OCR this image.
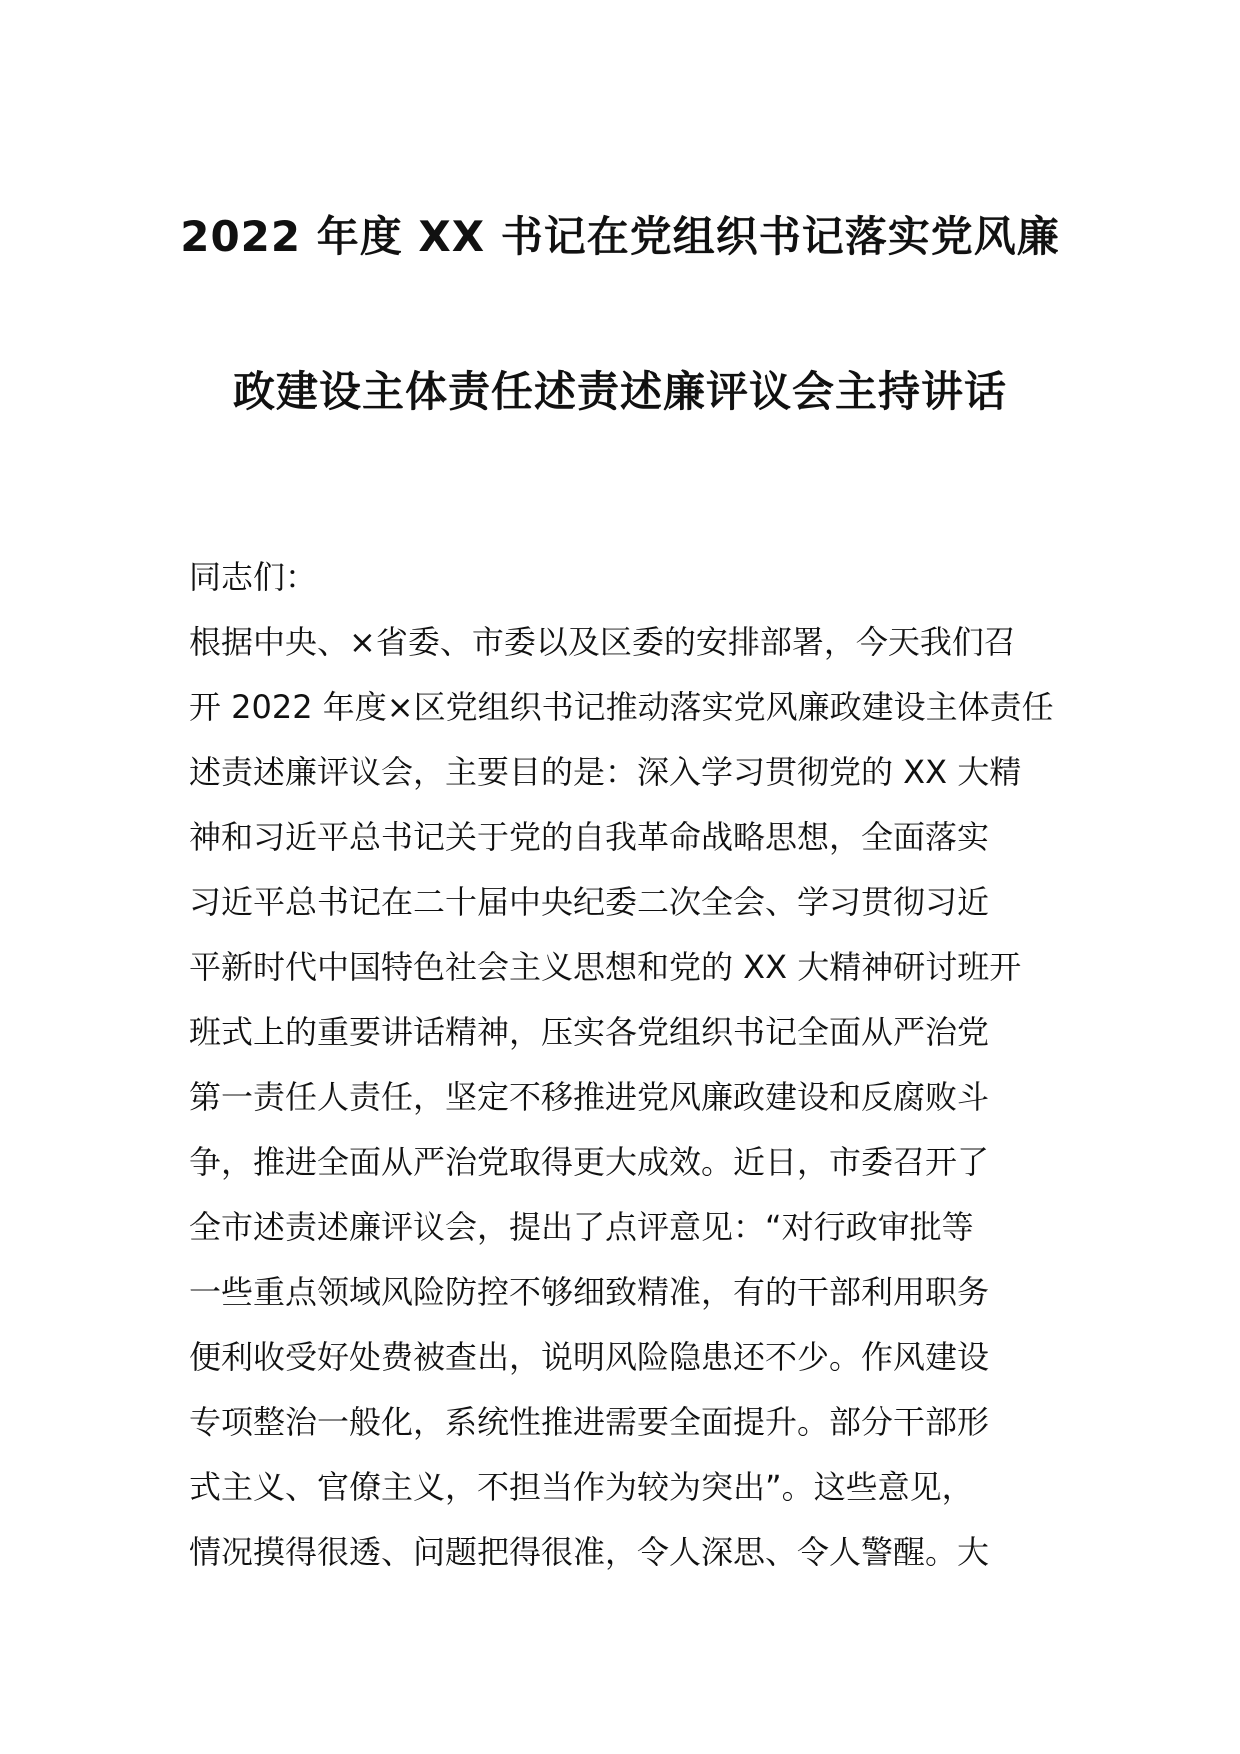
2022 年度 XX 书记在党组织书记落实党风廉
政建设主体责任述责述廉评议会主持讲话
同志们：
根据中央、×省委、市委以及区委的安排部署，今天我们召
开 2022 年度×区党组织书记推动落实党风廉政建设主体责任
述责述廉评议会，主要目的是：深入学习贯彻党的 XX 大精
神和习近平总书记关于党的自我革命战略思想，全面落实
习近平总书记在二十届中央纪委二次全会、学习贯彻习近
平新时代中国特色社会主义思想和党的 XX 大精神研讨班开
班式上的重要讲话精神，压实各党组织书记全面从严治党
第一责任人责任，坚定不移推进党风廉政建设和反腐败斗
争，推进全面从严治党取得更大成效。近日，市委召开了
全市述责述廉评议会，提出了点评意见：“对行政审批等
一些重点领域风险防控不够细致精准，有的干部利用职务
便利收受好处费被查出，说明风险隐患还不少。作风建设
专项整治一般化，系统性推进需要全面提升。部分干部形
式主义、官僚主义，不担当作为较为突出”。这些意见，
情况摸得很透、问题把得很准，令人深思、令人警醒。大
